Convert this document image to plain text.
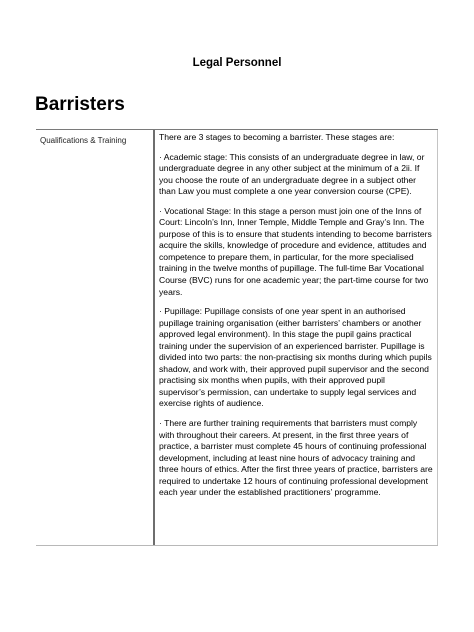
Legal Personnel
Barristers
Qualifications & Training	There are 3 stages to becoming a barrister. These stages are:

· Academic stage: This consists of an undergraduate degree in law, or undergraduate degree in any other subject at the minimum of a 2ii. If you choose the route of an undergraduate degree in a subject other than Law you must complete a one year conversion course (CPE).

· Vocational Stage: In this stage a person must join one of the Inns of Court: Lincoln’s Inn, Inner Temple, Middle Temple and Gray’s Inn. The purpose of this is to ensure that students intending to become barristers acquire the skills, knowledge of procedure and evidence, attitudes and competence to prepare them, in particular, for the more specialised training in the twelve months of pupillage. The full-time Bar Vocational Course (BVC) runs for one academic year; the part-time course for two years.

· Pupillage: Pupillage consists of one year spent in an authorised pupillage training organisation (either barristers’ chambers or another approved legal environment). In this stage the pupil gains practical training under the supervision of an experienced barrister. Pupillage is divided into two parts: the non-practising six months during which pupils shadow, and work with, their approved pupil supervisor and the second practising six months when pupils, with their approved pupil supervisor’s permission, can undertake to supply legal services and exercise rights of audience.

· There are further training requirements that barristers must comply with throughout their careers. At present, in the first three years of practice, a barrister must complete 45 hours of continuing professional development, including at least nine hours of advocacy training and three hours of ethics. After the first three years of practice, barristers are required to undertake 12 hours of continuing professional development each year under the established practitioners’ programme.
